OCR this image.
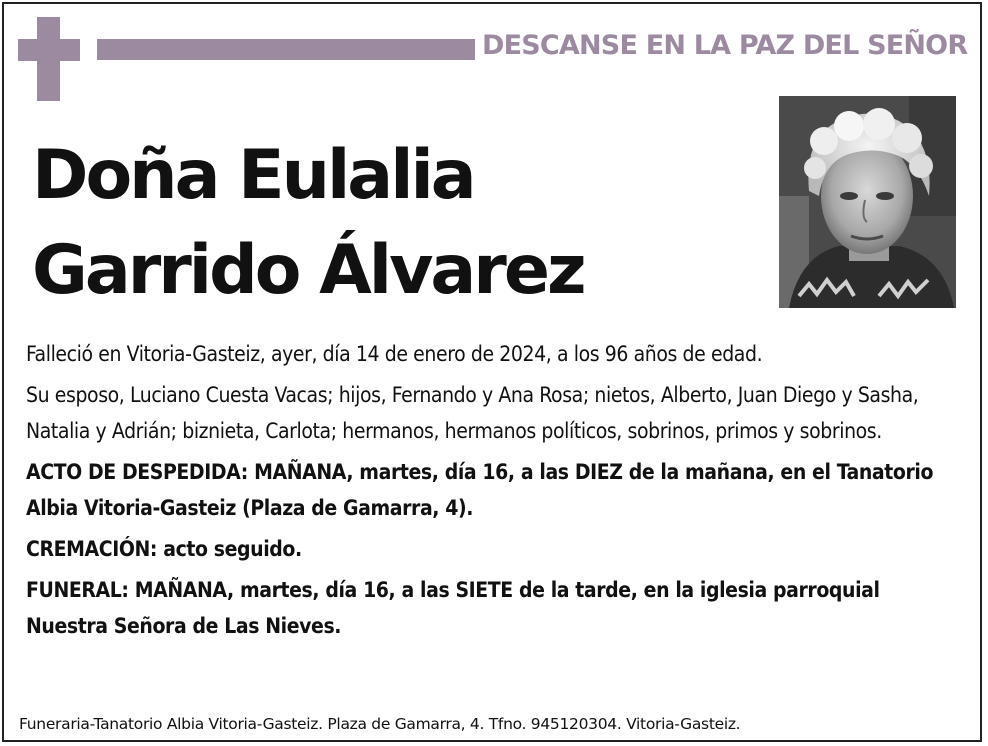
DESCANSE EN LA PAZ DEL SEÑOR
Doña Eulalia
Garrido Álvarez

Falleció en Vitoria-Gasteiz, ayer, día 14 de enero de 2024, a los 96 años de edad.

Su esposo, Luciano Cuesta Vacas; hijos, Fernando y Ana Rosa; nietos, Alberto, Juan Diego y Sasha, Natalia y Adrián; biznieta, Carlota; hermanos, hermanos políticos, sobrinos, primos y sobrinos.

ACTO DE DESPEDIDA: MAÑANA, martes, día 16, a las DIEZ de la mañana, en el Tanatorio Albia Vitoria-Gasteiz (Plaza de Gamarra, 4).

CREMACIÓN: acto seguido.

FUNERAL: MAÑANA, martes, día 16, a las SIETE de la tarde, en la iglesia parroquial Nuestra Señora de Las Nieves.

Funeraria-Tanatorio Albia Vitoria-Gasteiz. Plaza de Gamarra, 4. Tfno. 945120304. Vitoria-Gasteiz.
